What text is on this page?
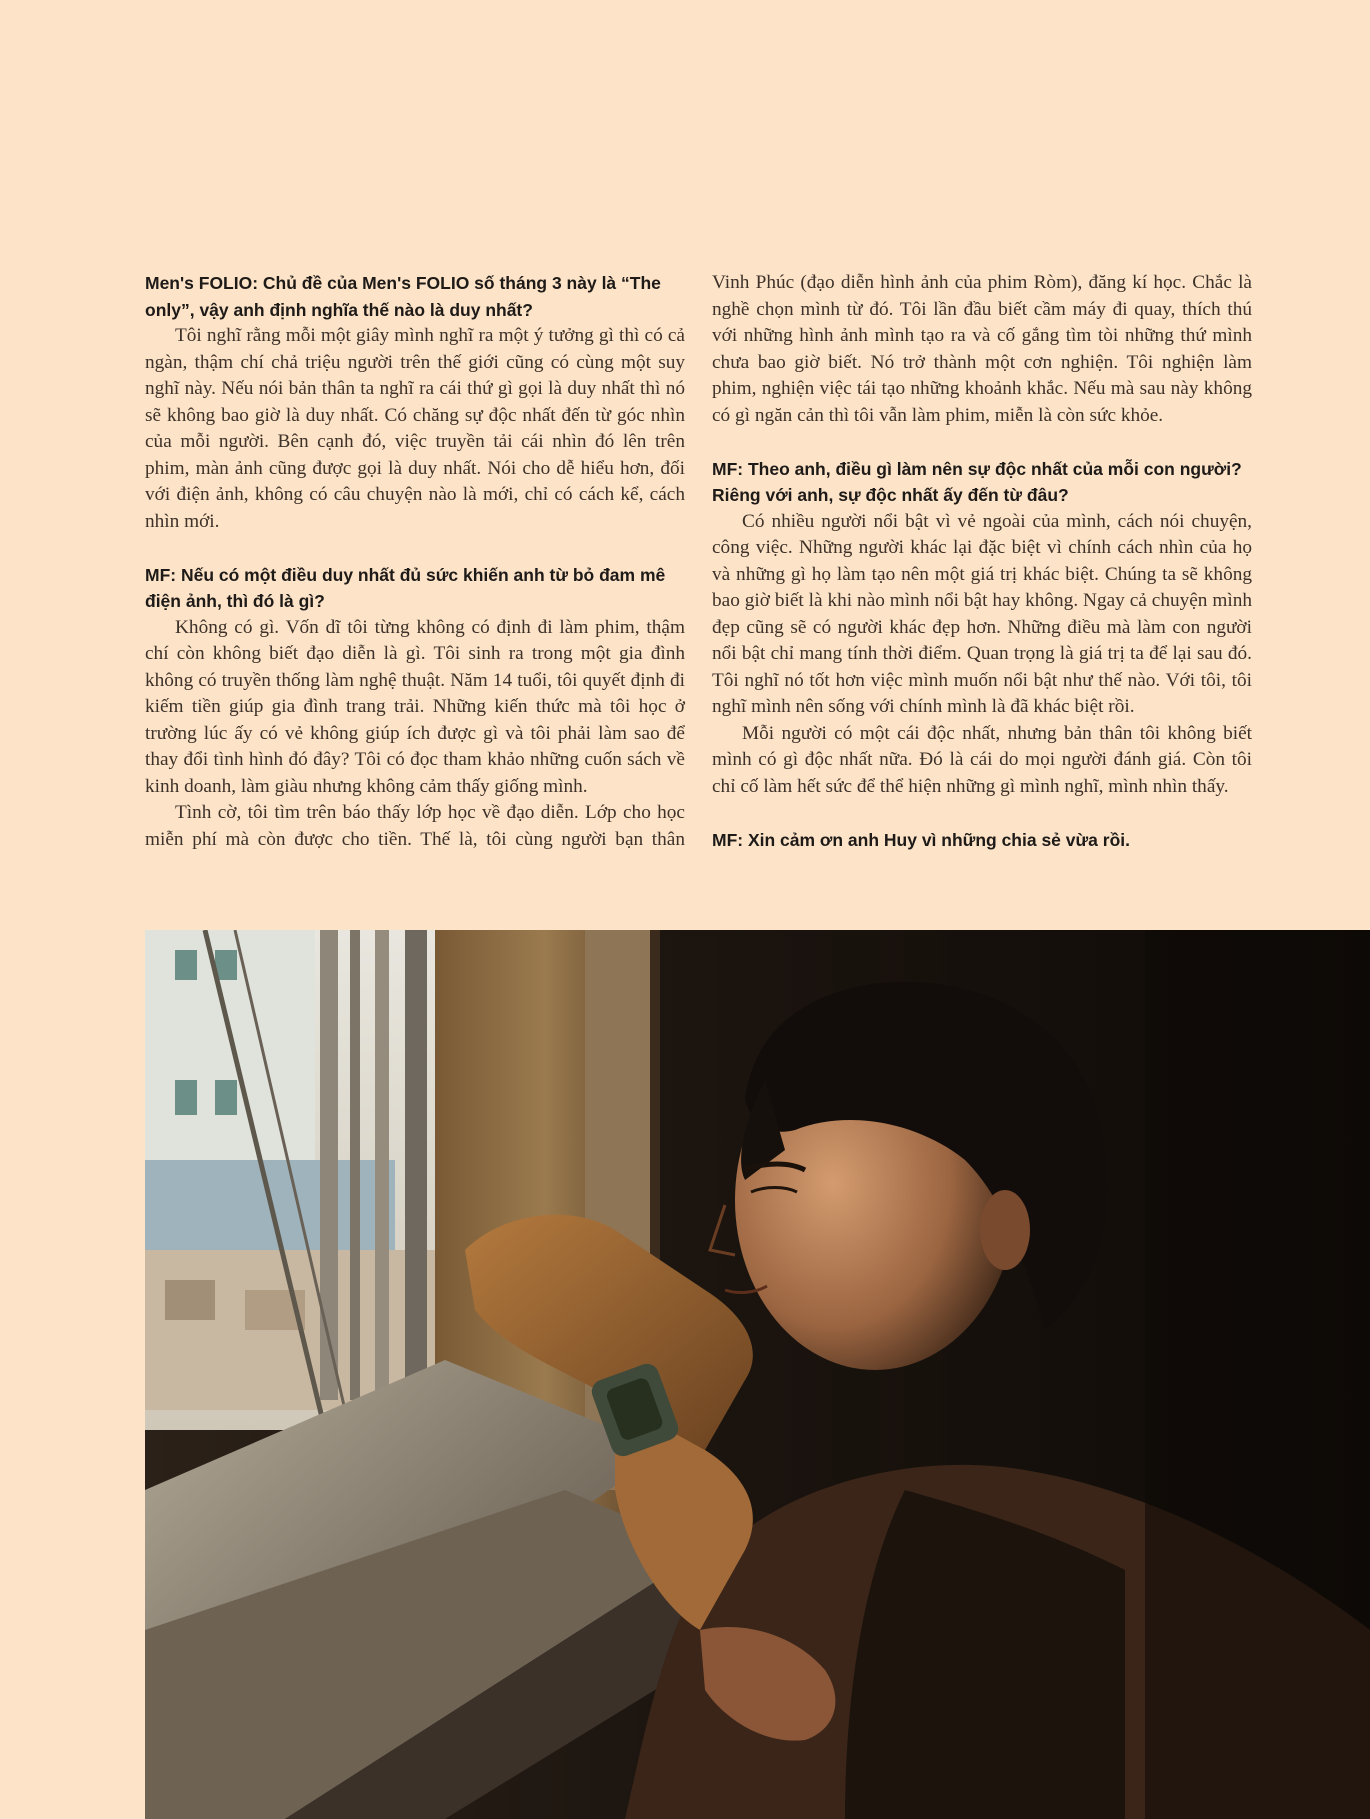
Men's FOLIO: Chủ đề của Men's FOLIO số tháng 3 này là “The only”, vậy anh định nghĩa thế nào là duy nhất?

Tôi nghĩ rằng mỗi một giây mình nghĩ ra một ý tưởng gì thì có cả ngàn, thậm chí chả triệu người trên thế giới cũng có cùng một suy nghĩ này. Nếu nói bản thân ta nghĩ ra cái thứ gì gọi là duy nhất thì nó sẽ không bao giờ là duy nhất. Có chăng sự độc nhất đến từ góc nhìn của mỗi người. Bên cạnh đó, việc truyền tải cái nhìn đó lên trên phim, màn ảnh cũng được gọi là duy nhất. Nói cho dễ hiểu hơn, đối với điện ảnh, không có câu chuyện nào là mới, chỉ có cách kể, cách nhìn mới.

MF: Nếu có một điều duy nhất đủ sức khiến anh từ bỏ đam mê điện ảnh, thì đó là gì?

Không có gì. Vốn dĩ tôi từng không có định đi làm phim, thậm chí còn không biết đạo diễn là gì. Tôi sinh ra trong một gia đình không có truyền thống làm nghệ thuật. Năm 14 tuổi, tôi quyết định đi kiếm tiền giúp gia đình trang trải. Những kiến thức mà tôi học ở trường lúc ấy có vẻ không giúp ích được gì và tôi phải làm sao để thay đổi tình hình đó đây? Tôi có đọc tham khảo những cuốn sách về kinh doanh, làm giàu nhưng không cảm thấy giống mình.

Tình cờ, tôi tìm trên báo thấy lớp học về đạo diễn. Lớp cho học miễn phí mà còn được cho tiền. Thế là, tôi cùng người bạn thân

Vinh Phúc (đạo diễn hình ảnh của phim Ròm), đăng kí học. Chắc là nghề chọn mình từ đó. Tôi lần đầu biết cầm máy đi quay, thích thú với những hình ảnh mình tạo ra và cố gắng tìm tòi những thứ mình chưa bao giờ biết. Nó trở thành một cơn nghiện. Tôi nghiện làm phim, nghiện việc tái tạo những khoảnh khắc. Nếu mà sau này không có gì ngăn cản thì tôi vẫn làm phim, miễn là còn sức khỏe.

MF: Theo anh, điều gì làm nên sự độc nhất của mỗi con người? Riêng với anh, sự độc nhất ấy đến từ đâu?

Có nhiều người nổi bật vì vẻ ngoài của mình, cách nói chuyện, công việc. Những người khác lại đặc biệt vì chính cách nhìn của họ và những gì họ làm tạo nên một giá trị khác biệt. Chúng ta sẽ không bao giờ biết là khi nào mình nổi bật hay không. Ngay cả chuyện mình đẹp cũng sẽ có người khác đẹp hơn. Những điều mà làm con người nổi bật chỉ mang tính thời điểm. Quan trọng là giá trị ta để lại sau đó. Tôi nghĩ nó tốt hơn việc mình muốn nổi bật như thế nào. Với tôi, tôi nghĩ mình nên sống với chính mình là đã khác biệt rồi.

Mỗi người có một cái độc nhất, nhưng bản thân tôi không biết mình có gì độc nhất nữa. Đó là cái do mọi người đánh giá. Còn tôi chỉ cố làm hết sức để thể hiện những gì mình nghĩ, mình nhìn thấy.

MF: Xin cảm ơn anh Huy vì những chia sẻ vừa rồi.
